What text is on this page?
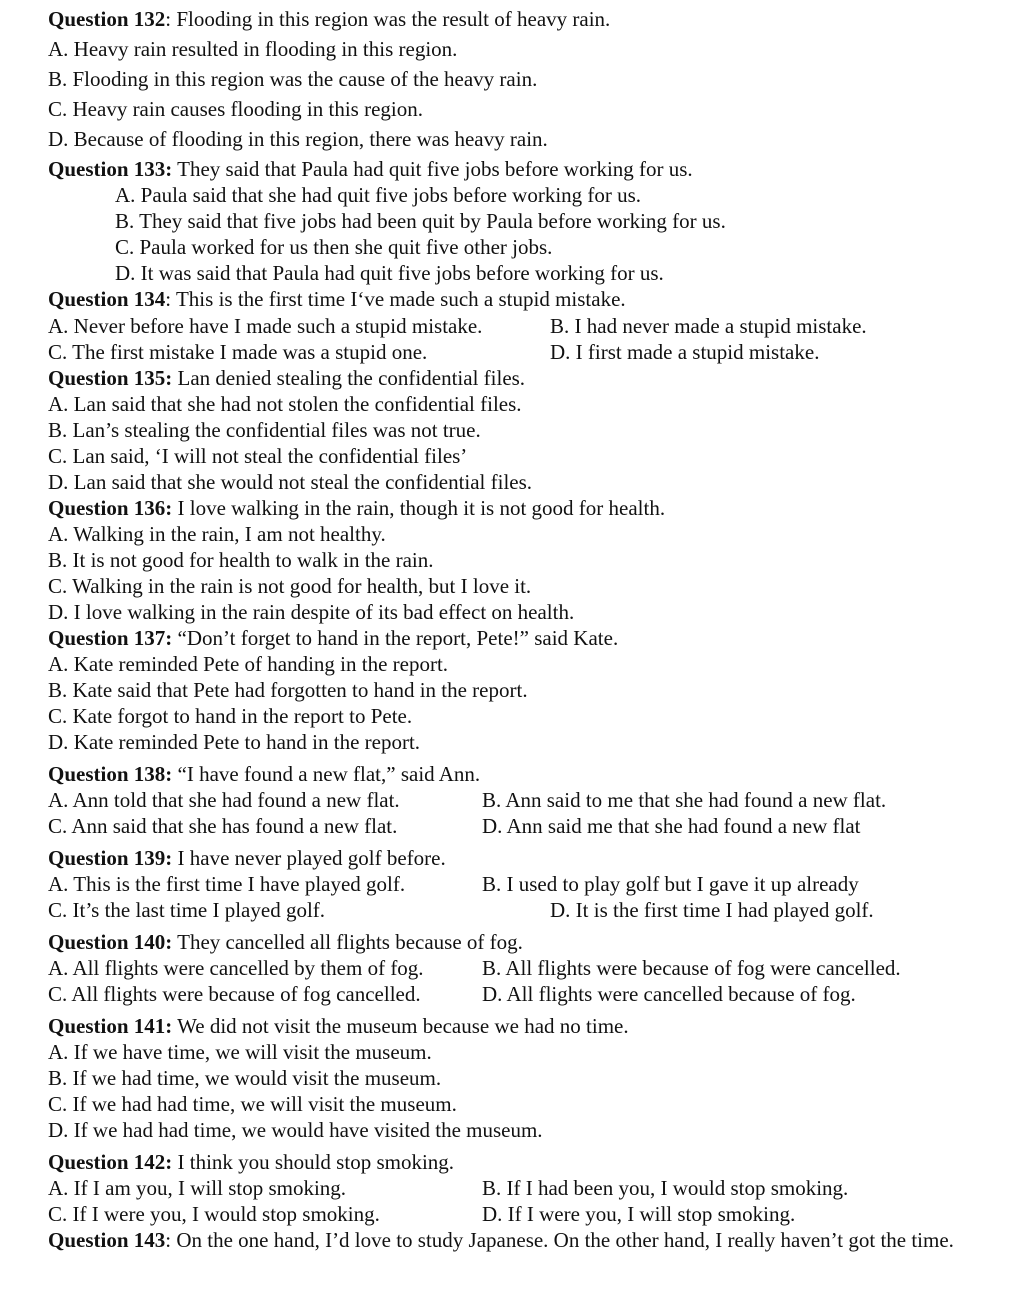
Question 132: Flooding in this region was the result of heavy rain.
A. Heavy rain resulted in flooding in this region.
B. Flooding in this region was the cause of the heavy rain.
C. Heavy rain causes flooding in this region.
D. Because of flooding in this region, there was heavy rain.
Question 133: They said that Paula had quit five jobs before working for us.
A. Paula said that she had quit five jobs before working for us.
B. They said that five jobs had been quit by Paula before working for us.
C. Paula worked for us then she quit five other jobs.
D. It was said that Paula had quit five jobs before working for us.
Question 134: This is the first time I‘ve made such a stupid mistake.
A. Never before have I made such a stupid mistake.	B. I had never made a stupid mistake.
C. The first mistake I made was a stupid one.	D. I first made a stupid mistake.
Question 135: Lan denied stealing the confidential files.
A. Lan said that she had not stolen the confidential files.
B. Lan’s stealing the confidential files was not true.
C. Lan said, ‘I will not steal the confidential files’
D. Lan said that she would not steal the confidential files.
Question 136: I love walking in the rain, though it is not good for health.
A. Walking in the rain, I am not healthy.
B. It is not good for health to walk in the rain.
C. Walking in the rain is not good for health, but I love it.
D. I love walking in the rain despite of its bad effect on health.
Question 137: “Don’t forget to hand in the report, Pete!” said Kate.
A. Kate reminded Pete of handing in the report.
B. Kate said that Pete had forgotten to hand in the report.
C. Kate forgot to hand in the report to Pete.
D. Kate reminded Pete to hand in the report.
Question 138: “I have found a new flat,” said Ann.
A. Ann told that she had found a new flat.	B. Ann said to me that she had found a new flat.
C. Ann said that she has found a new flat.	D. Ann said me that she had found a new flat
Question 139: I have never played golf before.
A. This is the first time I have played golf.	B. I used to play golf but I gave it up already
C. It’s the last time I played golf.	D. It is the first time I had played golf.
Question 140: They cancelled all flights because of fog.
A. All flights were cancelled by them of fog.	B. All flights were because of fog were cancelled.
C. All flights were because of fog cancelled.	D. All flights were cancelled because of fog.
Question 141: We did not visit the museum because we had no time.
A. If we have time, we will visit the museum.
B. If we had time, we would visit the museum.
C. If we had had time, we will visit the museum.
D. If we had had time, we would have visited the museum.
Question 142: I think you should stop smoking.
A. If I am you, I will stop smoking.	B. If I had been you, I would stop smoking.
C. If I were you, I would stop smoking.	D. If I were you, I will stop smoking.
Question 143: On the one hand, I’d love to study Japanese. On the other hand, I really haven’t got the time.
